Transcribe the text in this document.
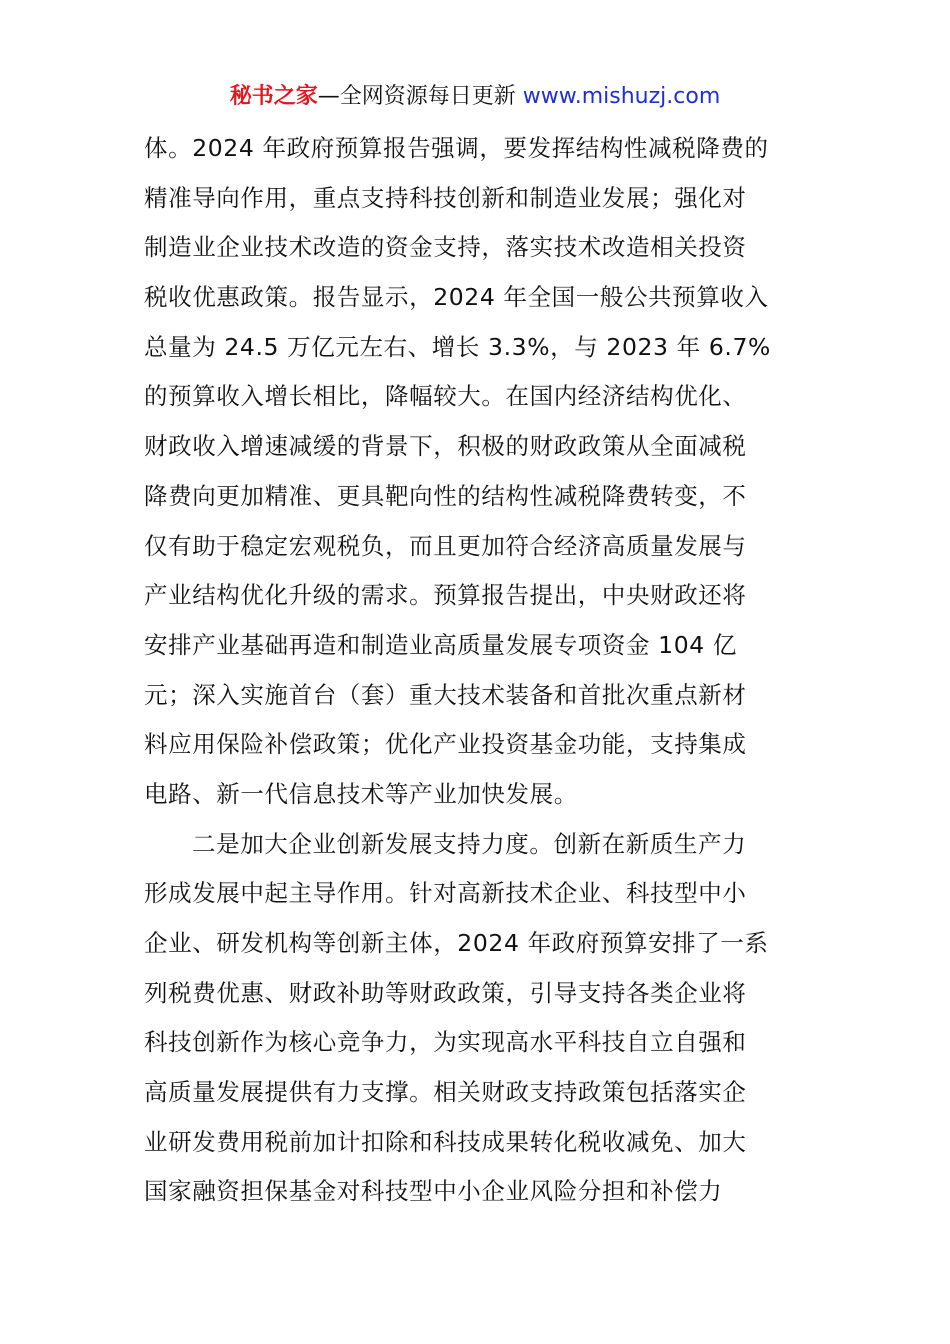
秘书之家—全网资源每日更新 www.mishuzj.com
体。2024 年政府预算报告强调，要发挥结构性减税降费的
精准导向作用，重点支持科技创新和制造业发展；强化对
制造业企业技术改造的资金支持，落实技术改造相关投资
税收优惠政策。报告显示，2024 年全国一般公共预算收入
总量为 24.5 万亿元左右、增长 3.3%，与 2023 年 6.7%
的预算收入增长相比，降幅较大。在国内经济结构优化、
财政收入增速减缓的背景下，积极的财政政策从全面减税
降费向更加精准、更具靶向性的结构性减税降费转变，不
仅有助于稳定宏观税负，而且更加符合经济高质量发展与
产业结构优化升级的需求。预算报告提出，中央财政还将
安排产业基础再造和制造业高质量发展专项资金 104 亿
元；深入实施首台（套）重大技术装备和首批次重点新材
料应用保险补偿政策；优化产业投资基金功能，支持集成
电路、新一代信息技术等产业加快发展。
二是加大企业创新发展支持力度。创新在新质生产力
形成发展中起主导作用。针对高新技术企业、科技型中小
企业、研发机构等创新主体，2024 年政府预算安排了一系
列税费优惠、财政补助等财政政策，引导支持各类企业将
科技创新作为核心竞争力，为实现高水平科技自立自强和
高质量发展提供有力支撑。相关财政支持政策包括落实企
业研发费用税前加计扣除和科技成果转化税收减免、加大
国家融资担保基金对科技型中小企业风险分担和补偿力
